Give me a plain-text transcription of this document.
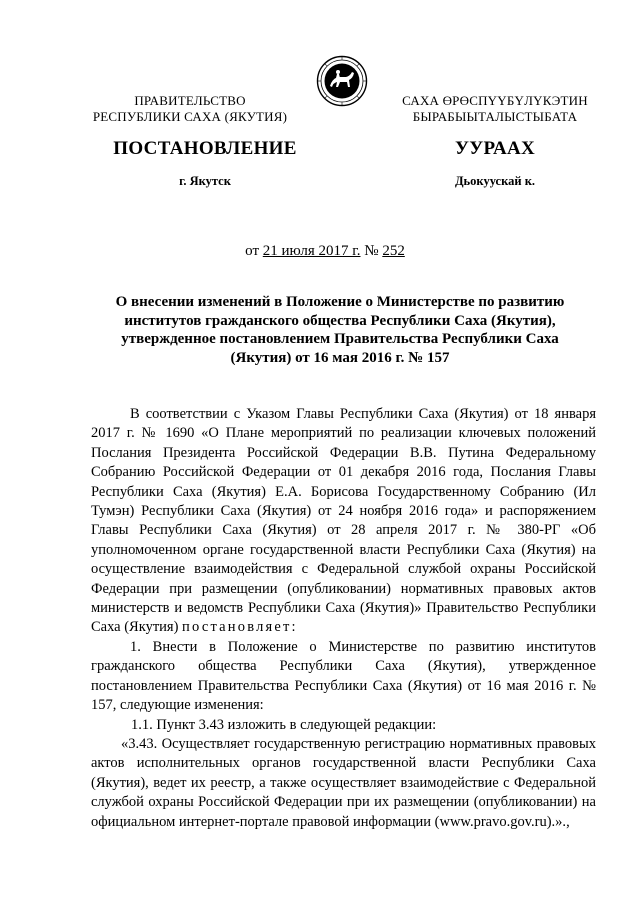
ПРАВИТЕЛЬСТВО
РЕСПУБЛИКИ САХА (ЯКУТИЯ)
САХА ӨРӨСПYYБYЛYКЭТИН
БЫРАБЫЫТАЛЫСТЫБАТА
ПОСТАНОВЛЕНИЕ	УУРААХ
г. Якутск	Дьокуускай к.
от 21 июля 2017 г. № 252
О внесении изменений в Положение о Министерстве по развитию
институтов гражданского общества Республики Саха (Якутия),
утвержденное постановлением Правительства Республики Саха
(Якутия) от 16 мая 2016 г. № 157

В соответствии с Указом Главы Республики Саха (Якутия) от 18 января 2017 г. № 1690 «О Плане мероприятий по реализации ключевых положений Послания Президента Российской Федерации В.В. Путина Федеральному Собранию Российской Федерации от 01 декабря 2016 года, Послания Главы Республики Саха (Якутия) Е.А. Борисова Государственному Собранию (Ил Тумэн) Республики Саха (Якутия) от 24 ноября 2016 года» и распоряжением Главы Республики Саха (Якутия) от 28 апреля 2017 г. № 380-РГ «Об уполномоченном органе государственной власти Республики Саха (Якутия) на осуществление взаимодействия с Федеральной службой охраны Российской Федерации при размещении (опубликовании) нормативных правовых актов министерств и ведомств Республики Саха (Якутия)» Правительство Республики Саха (Якутия) постановляет:

1. Внести в Положение о Министерстве по развитию институтов гражданского общества Республики Саха (Якутия), утвержденное постановлением Правительства Республики Саха (Якутия) от 16 мая 2016 г. № 157, следующие изменения:

1.1. Пункт 3.43 изложить в следующей редакции:

«3.43. Осуществляет государственную регистрацию нормативных правовых актов исполнительных органов государственной власти Республики Саха (Якутия), ведет их реестр, а также осуществляет взаимодействие с Федеральной службой охраны Российской Федерации при их размещении (опубликовании) на официальном интернет-портале правовой информации (www.pravo.gov.ru).».,
